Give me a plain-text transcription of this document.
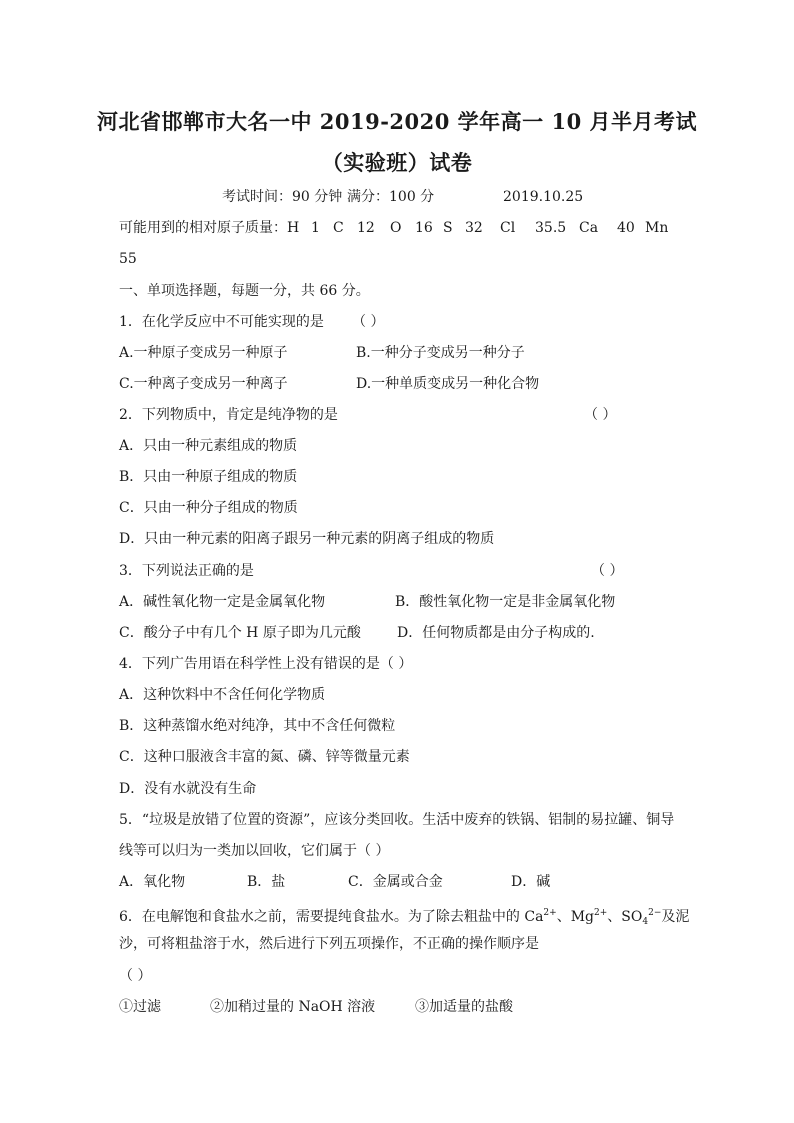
河北省邯郸市大名一中 2019-2020 学年高一 10 月半月考试
（实验班）试卷
考试时间：90 分钟 满分：100 分	2019.10.25
可能用到的相对原子质量： H 1 C 12 O 16 S 32 Cl 35.5 Ca 40 Mn
55
一、单项选择题，每题一分，共 66 分。
1．在化学反应中不可能实现的是 （ ）
A.一种原子变成另一种原子	B.一种分子变成另一种分子
C.一种离子变成另一种离子	D.一种单质变成另一种化合物
2．下列物质中，肯定是纯净物的是	（ ）
A．只由一种元素组成的物质
B．只由一种原子组成的物质
C．只由一种分子组成的物质
D．只由一种元素的阳离子跟另一种元素的阴离子组成的物质
3．下列说法正确的是	（ ）
A．碱性氧化物一定是金属氧化物	B．酸性氧化物一定是非金属氧化物
C．酸分子中有几个 H 原子即为几元酸	D．任何物质都是由分子构成的.
4．下列广告用语在科学性上没有错误的是（ ）
A．这种饮料中不含任何化学物质
B．这种蒸馏水绝对纯净，其中不含任何微粒
C．这种口服液含丰富的氮、磷、锌等微量元素
D．没有水就没有生命
5．“垃圾是放错了位置的资源”，应该分类回收。生活中废弃的铁锅、铝制的易拉罐、铜导
线等可以归为一类加以回收，它们属于（ ）
A．氧化物	B．盐	C．金属或合金	D．碱
6．在电解饱和食盐水之前，需要提纯食盐水。为了除去粗盐中的 $Ca^{2+}$、$Mg^{2+}$、$SO_4^{2-}$及泥
沙，可将粗盐溶于水，然后进行下列五项操作，不正确的操作顺序是
（ ）
①过滤	②加稍过量的 NaOH 溶液	③加适量的盐酸
